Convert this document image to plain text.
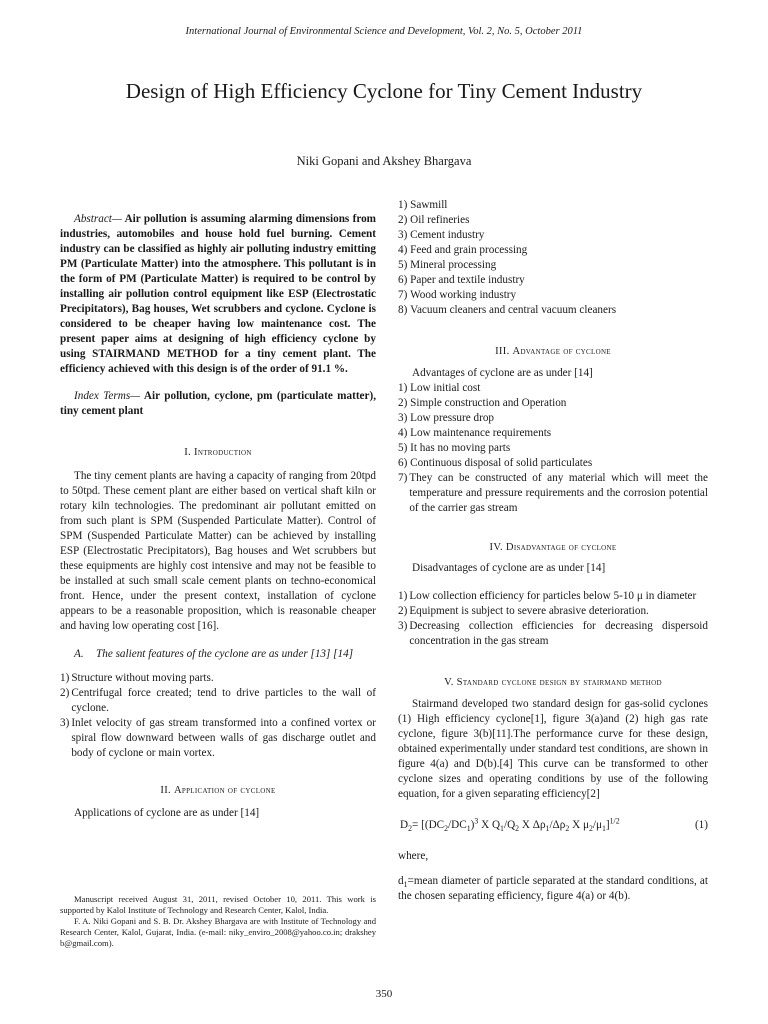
International Journal of Environmental Science and Development, Vol. 2, No. 5, October 2011
Design of High Efficiency Cyclone for Tiny Cement Industry
Niki Gopani and Akshey Bhargava

Abstract— Air pollution is assuming alarming dimensions from industries, automobiles and house hold fuel burning. Cement industry can be classified as highly air polluting industry emitting PM (Particulate Matter) into the atmosphere. This pollutant is in the form of PM (Particulate Matter) is required to be control by installing air pollution control equipment like ESP (Electrostatic Precipitators), Bag houses, Wet scrubbers and cyclone. Cyclone is considered to be cheaper having low maintenance cost. The present paper aims at designing of high efficiency cyclone by using STAIRMAND METHOD for a tiny cement plant. The efficiency achieved with this design is of the order of 91.1 %.

Index Terms— Air pollution, cyclone, pm (particulate matter), tiny cement plant

I. Introduction

The tiny cement plants are having a capacity of ranging from 20tpd to 50tpd. These cement plant are either based on vertical shaft kiln or rotary kiln technologies. The predominant air pollutant emitted on from such plant is SPM (Suspended Particulate Matter). Control of SPM (Suspended Particulate Matter) can be achieved by installing ESP (Electrostatic Precipitators), Bag houses and Wet scrubbers but these equipments are highly cost intensive and may not be feasible to be installed at such small scale cement plants on techno-economical front. Hence, under the present context, installation of cyclone appears to be a reasonable proposition, which is reasonable cheaper and having low operating cost [16].

A.	The salient features of the cyclone are as under [13] [14]
1) Structure without moving parts.
2) Centrifugal force created; tend to drive particles to the wall of cyclone.
3) Inlet velocity of gas stream transformed into a confined vortex or spiral flow downward between walls of gas discharge outlet and body of cyclone or main vortex.

II. Application of cyclone

Applications of cyclone are as under [14]

Manuscript received August 31, 2011, revised October 10, 2011. This work is supported by Kalol Institute of Technology and Research Center, Kalol, India.

F. A. Niki Gopani and S. B. Dr. Akshey Bhargava are with Institute of Technology and Research Center, Kalol, Gujarat, India. (e-mail: niky_enviro_2008@yahoo.co.in; drakshey b@gmail.com).

1)
Sawmill
2)
Oil refineries
3)
Cement industry
4)
Feed and grain processing
5)
Mineral processing
6)
Paper and textile industry
7)
Wood working industry
8)
Vacuum cleaners and central vacuum cleaners

III. Advantage of cyclone

Advantages of cyclone are as under [14]

1)
Low initial cost
2)
Simple construction and Operation
3)
Low pressure drop
4)
Low maintenance requirements
5)
It has no moving parts
6)
Continuous disposal of solid particulates
7) They can be constructed of any material which will meet the temperature and pressure requirements and the corrosion potential of the carrier gas stream

IV. Disadvantage of cyclone

Disadvantages of cyclone are as under [14]

1) Low collection efficiency for particles below 5-10 μ in diameter
2) Equipment is subject to severe abrasive deterioration.
3) Decreasing collection efficiencies for decreasing dispersoid concentration in the gas stream

V. Standard cyclone design by stairmand method

Stairmand developed two standard design for gas-solid cyclones (1) High efficiency cyclone[1], figure 3(a)and (2) high gas rate cyclone, figure 3(b)[11].The performance curve for these design, obtained experimentally under standard test conditions, are shown in figure 4(a) and D(b).[4] This curve can be transformed to other cyclone sizes and operating conditions by use of the following equation, for a given separating efficiency[2]

$D_2= [(DC_2/DC_1)^3$ X $Q_1/Q_2$ X $\Delta\rho_1/\Delta\rho_2$ X $\mu_2/\mu_1]^{1/2}$	(1)

where,

$d_1=mean$ diameter of particle separated at the standard conditions, at the chosen separating efficiency, figure 4(a) or 4(b).

350
